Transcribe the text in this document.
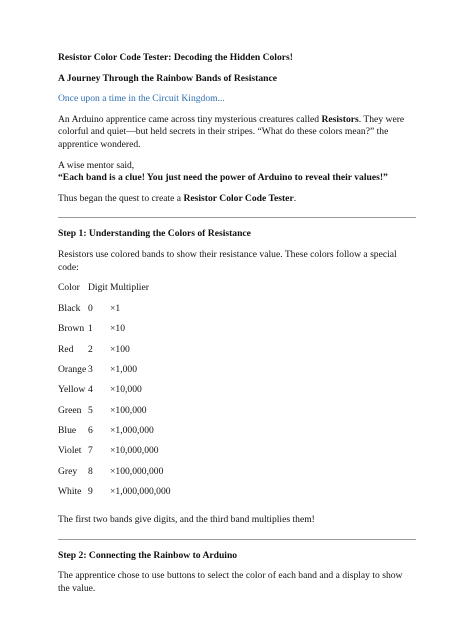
Resistor Color Code Tester: Decoding the Hidden Colors!

A Journey Through the Rainbow Bands of Resistance

Once upon a time in the Circuit Kingdom...

An Arduino apprentice came across tiny mysterious creatures called Resistors. They were colorful and quiet—but held secrets in their stripes. “What do these colors mean?” the apprentice wondered.

A wise mentor said,

“Each band is a clue! You just need the power of Arduino to reveal their values!”

Thus began the quest to create a Resistor Color Code Tester.

Step 1: Understanding the Colors of Resistance

Resistors use colored bands to show their resistance value. These colors follow a special code:

Color	Digit	Multiplier
Black	0	×1
Brown	1	×10
Red	2	×100
Orange	3	×1,000
Yellow	4	×10,000
Green	5	×100,000
Blue	6	×1,000,000
Violet	7	×10,000,000
Grey	8	×100,000,000
White	9	×1,000,000,000

The first two bands give digits, and the third band multiplies them!

Step 2: Connecting the Rainbow to Arduino

The apprentice chose to use buttons to select the color of each band and a display to show the value.
